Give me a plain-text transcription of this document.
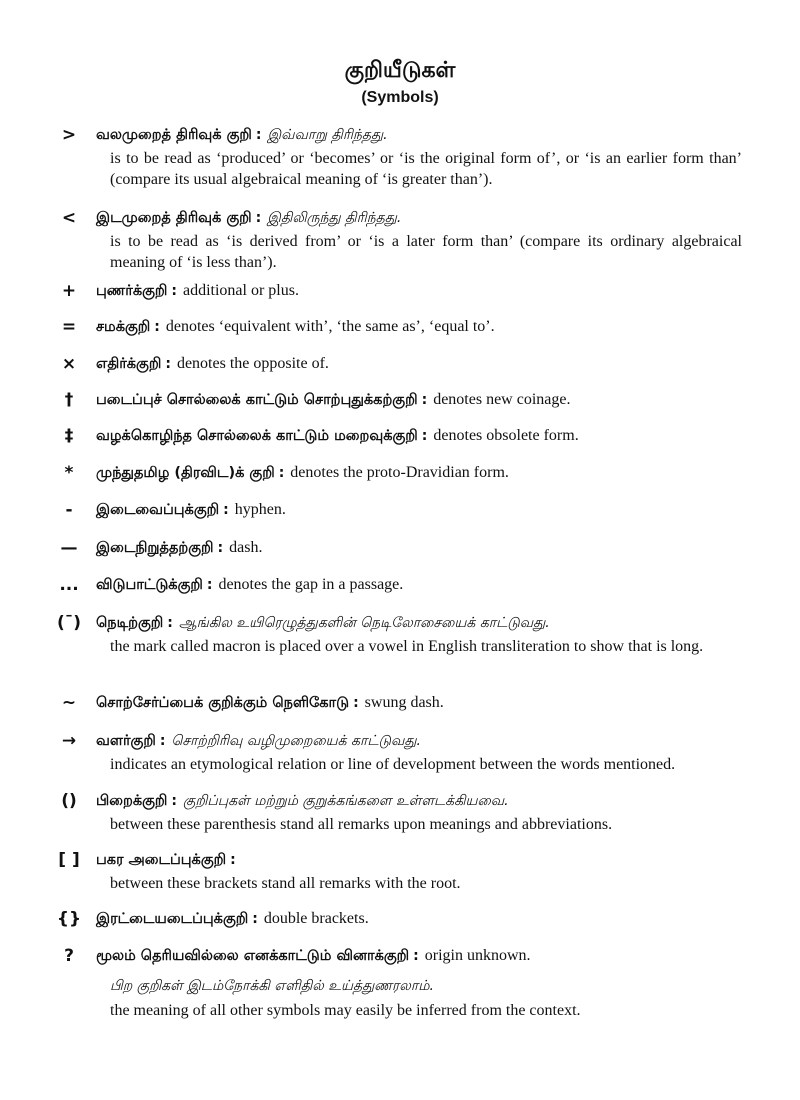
குறியீடுகள்
(Symbols)
>	வலமுறைத் திரிவுக் குறி : இவ்வாறு திரிந்தது.
is to be read as ‘produced’ or ‘becomes’ or ‘is the original form of’, or ‘is an earlier form than’ (compare its usual algebraical meaning of ‘is greater than’).
<	இடமுறைத் திரிவுக் குறி : இதிலிருந்து திரிந்தது.
is to be read as ‘is derived from’ or ‘is a later form than’ (compare its ordinary algebraical meaning of ‘is less than’).
+	புணர்க்குறி : additional or plus.
=	சமக்குறி : denotes ‘equivalent with’, ‘the same as’, ‘equal to’.
×	எதிர்க்குறி : denotes the opposite of.
†	படைப்புச் சொல்லைக் காட்டும் சொற்புதுக்கற்குறி : denotes new coinage.
‡	வழக்கொழிந்த சொல்லைக் காட்டும் மறைவுக்குறி : denotes obsolete form.
*	முந்துதமிழ (திரவிட)க் குறி : denotes the proto-Dravidian form.
-	இடைவைப்புக்குறி : hyphen.
—	இடைநிறுத்தற்குறி : dash.
...	விடுபாட்டுக்குறி : denotes the gap in a passage.
(¯)	நெடிற்குறி : ஆங்கில உயிரெழுத்துகளின் நெடிலோசையைக் காட்டுவது.
the mark called macron is placed over a vowel in English transliteration to show that is long.
~	சொற்சேர்ப்பைக் குறிக்கும் நெளிகோடு : swung dash.
→	வளர்குறி : சொற்றிரிவு வழிமுறையைக் காட்டுவது.
indicates an etymological relation or line of development between the words mentioned.
()	பிறைக்குறி : குறிப்புகள் மற்றும் குறுக்கங்களை உள்ளடக்கியவை.
between these parenthesis stand all remarks upon meanings and abbreviations.
[ ]	பகர அடைப்புக்குறி :
between these brackets stand all remarks with the root.
{}	இரட்டையடைப்புக்குறி : double brackets.
?	மூலம் தெரியவில்லை எனக்காட்டும் வினாக்குறி : origin unknown.
பிற குறிகள் இடம்நோக்கி எளிதில் உய்த்துணரலாம்.
the meaning of all other symbols may easily be inferred from the context.
